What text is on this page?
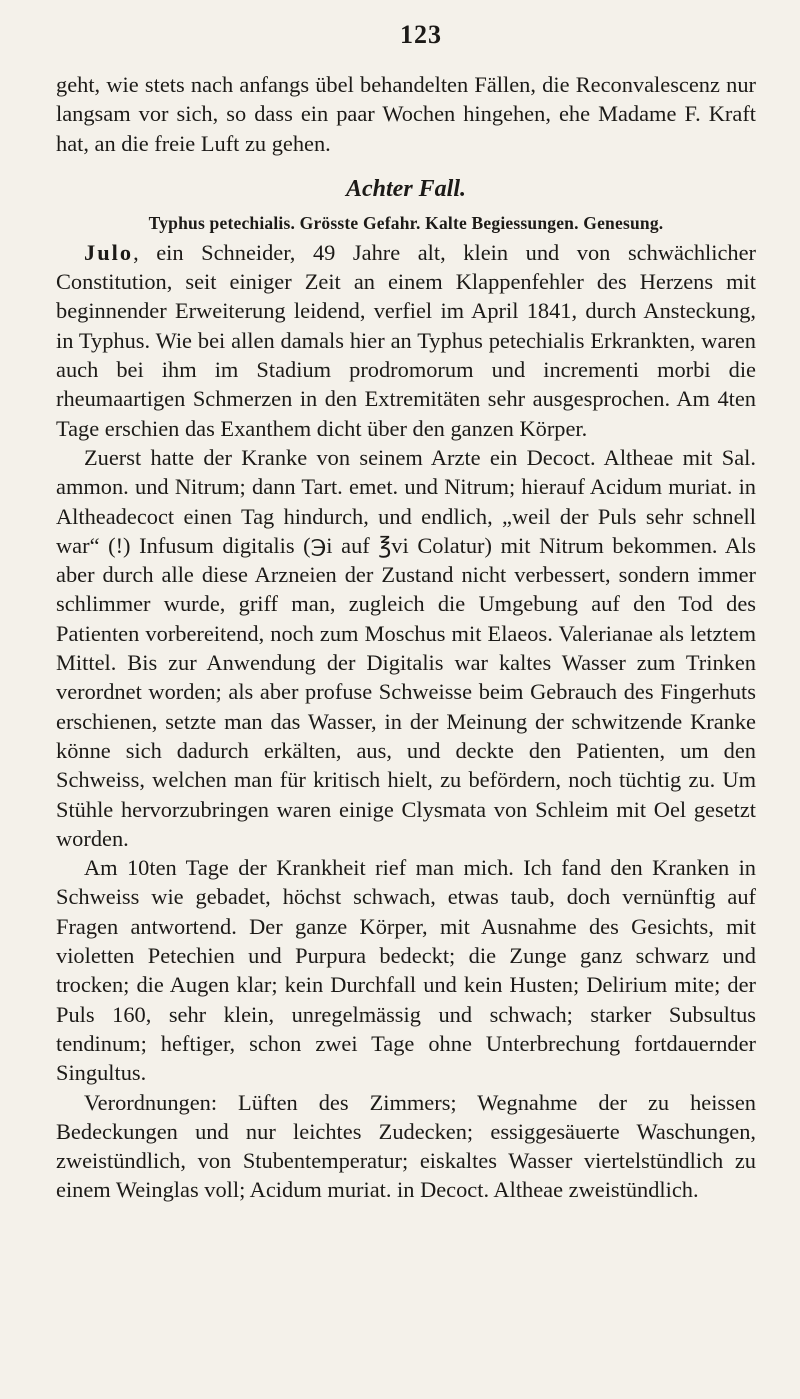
123

geht, wie stets nach anfangs übel behandelten Fällen, die Reconvalescenz nur langsam vor sich, so dass ein paar Wochen hingehen, ehe Madame F. Kraft hat, an die freie Luft zu gehen.

Achter Fall.
Typhus petechialis. Grösste Gefahr. Kalte Begiessungen. Genesung.

Julo, ein Schneider, 49 Jahre alt, klein und von schwächlicher Constitution, seit einiger Zeit an einem Klappenfehler des Herzens mit beginnender Erweiterung leidend, verfiel im April 1841, durch Ansteckung, in Typhus. Wie bei allen damals hier an Typhus petechialis Erkrankten, waren auch bei ihm im Stadium prodromorum und incrementi morbi die rheumaartigen Schmerzen in den Extremitäten sehr ausgesprochen. Am 4ten Tage erschien das Exanthem dicht über den ganzen Körper.

Zuerst hatte der Kranke von seinem Arzte ein Decoct. Altheae mit Sal. ammon. und Nitrum; dann Tart. emet. und Nitrum; hierauf Acidum muriat. in Altheadecoct einen Tag hindurch, und endlich, „weil der Puls sehr schnell war“ (!) Infusum digitalis (℈i auf ℥vi Colatur) mit Nitrum bekommen. Als aber durch alle diese Arzneien der Zustand nicht verbessert, sondern immer schlimmer wurde, griff man, zugleich die Umgebung auf den Tod des Patienten vorbereitend, noch zum Moschus mit Elaeos. Valerianae als letztem Mittel. Bis zur Anwendung der Digitalis war kaltes Wasser zum Trinken verordnet worden; als aber profuse Schweisse beim Gebrauch des Fingerhuts erschienen, setzte man das Wasser, in der Meinung der schwitzende Kranke könne sich dadurch erkälten, aus, und deckte den Patienten, um den Schweiss, welchen man für kritisch hielt, zu befördern, noch tüchtig zu. Um Stühle hervorzubringen waren einige Clysmata von Schleim mit Oel gesetzt worden.

Am 10ten Tage der Krankheit rief man mich. Ich fand den Kranken in Schweiss wie gebadet, höchst schwach, etwas taub, doch vernünftig auf Fragen antwortend. Der ganze Körper, mit Ausnahme des Gesichts, mit violetten Petechien und Purpura bedeckt; die Zunge ganz schwarz und trocken; die Augen klar; kein Durchfall und kein Husten; Delirium mite; der Puls 160, sehr klein, unregelmässig und schwach; starker Subsultus tendinum; heftiger, schon zwei Tage ohne Unterbrechung fortdauernder Singultus.

Verordnungen: Lüften des Zimmers; Wegnahme der zu heissen Bedeckungen und nur leichtes Zudecken; essiggesäuerte Waschungen, zweistündlich, von Stubentemperatur; eiskaltes Wasser viertelstündlich zu einem Weinglas voll; Acidum muriat. in Decoct. Altheae zweistündlich.
